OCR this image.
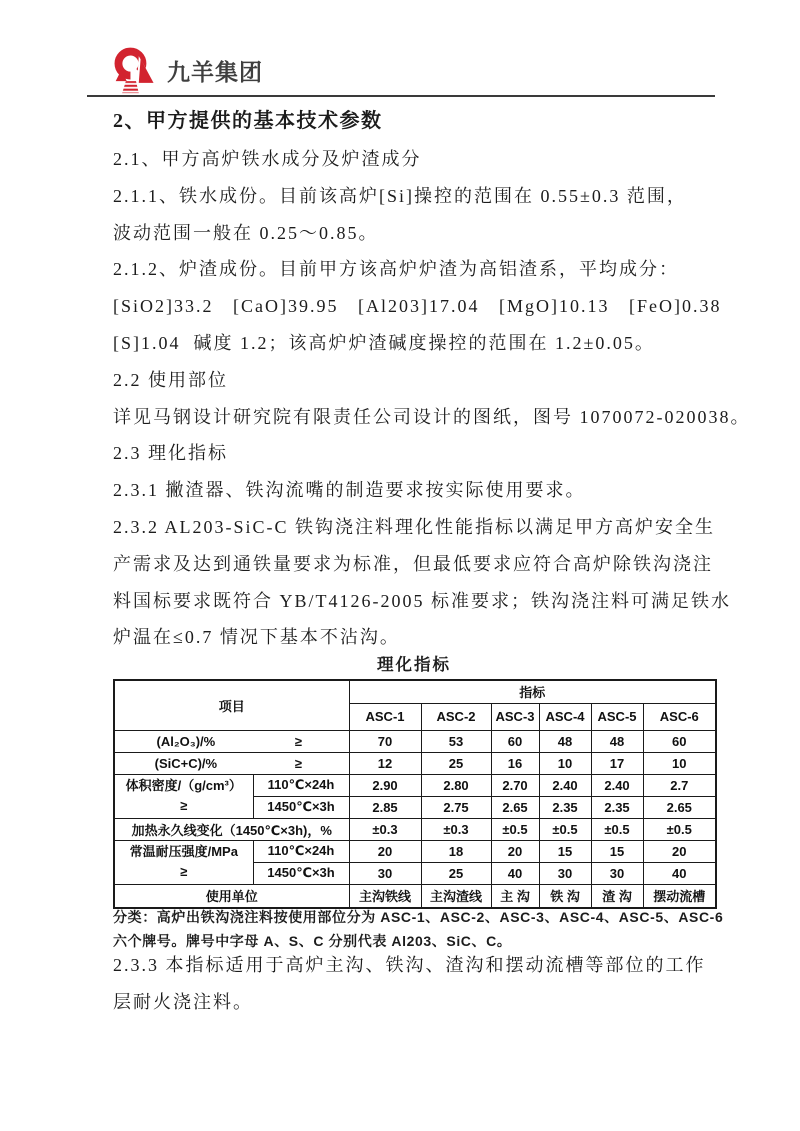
九羊集团
2、甲方提供的基本技术参数
2.1、甲方高炉铁水成分及炉渣成分
2.1.1、铁水成份。目前该高炉[Si]操控的范围在 0.55±0.3 范围，
波动范围一般在 0.25～0.85。
2.1.2、炉渣成份。目前甲方该高炉炉渣为高铝渣系，平均成分：
[SiO2]33.2   [CaO]39.95   [Al203]17.04   [MgO]10.13   [FeO]0.38
[S]1.04  碱度 1.2；该高炉炉渣碱度操控的范围在 1.2±0.05。
2.2 使用部位
详见马钢设计研究院有限责任公司设计的图纸，图号 1070072-020038。
2.3 理化指标
2.3.1 撇渣器、铁沟流嘴的制造要求按实际使用要求。
2.3.2 AL203-SiC-C 铁钩浇注料理化性能指标以满足甲方高炉安全生
产需求及达到通铁量要求为标准，但最低要求应符合高炉除铁沟浇注
料国标要求既符合 YB/T4126-2005 标准要求；铁沟浇注料可满足铁水
炉温在≤0.7 情况下基本不沾沟。
理化指标
项目		指标					
		ASC-1	ASC-2	ASC-3	ASC-4	ASC-5	ASC-6
(Al₂O₃)/% ≥		70	53	60	48	48	60
(SiC+C)/% ≥		12	25	16	10	17	10

体积密度/（g/cm³）
≥	110℃×24h	2.90	2.80	2.70	2.40	2.40	2.7
	1450℃×3h	2.85	2.75	2.65	2.35	2.35	2.65
加热永久线变化（1450℃×3h)，%		±0.3	±0.3	±0.5	±0.5	±0.5	±0.5

常温耐压强度/MPa
≥	110℃×24h	20	18	20	15	15	20
	1450℃×3h	30	25	40	30	30	40
使用单位		主沟铁线	主沟渣线	主 沟	铁 沟	渣 沟	摆动流槽
分类：高炉出铁沟浇注料按使用部位分为 ASC-1、ASC-2、ASC-3、ASC-4、ASC-5、ASC-6
六个牌号。牌号中字母 A、S、C 分别代表 Al203、SiC、C。
2.3.3 本指标适用于高炉主沟、铁沟、渣沟和摆动流槽等部位的工作
层耐火浇注料。
